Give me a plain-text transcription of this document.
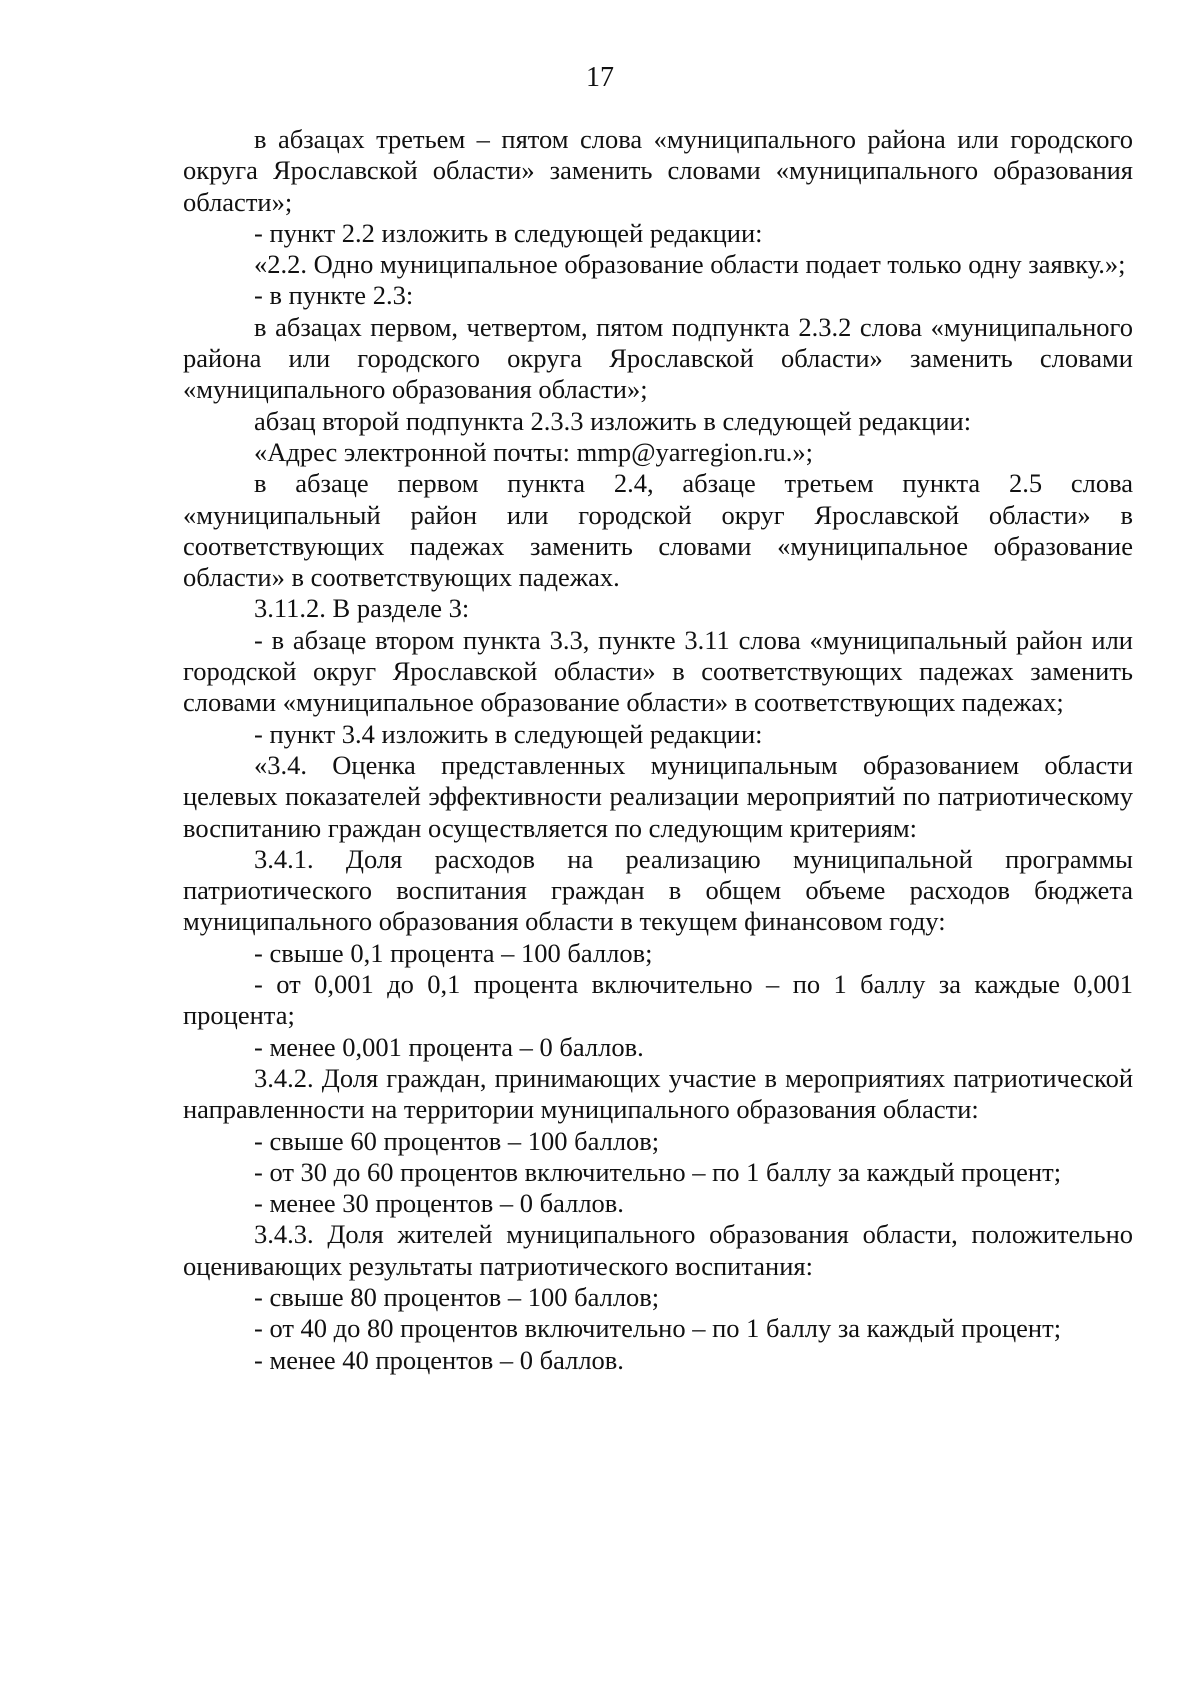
17

в абзацах третьем – пятом слова «муниципального района или городского округа Ярославской области» заменить словами «муниципального образования области»;

- пункт 2.2 изложить в следующей редакции:

«2.2. Одно муниципальное образование области подает только одну заявку.»;

- в пункте 2.3:

в абзацах первом, четвертом, пятом подпункта 2.3.2 слова «муниципального района или городского округа Ярославской области» заменить словами «муниципального образования области»;

абзац второй подпункта 2.3.3 изложить в следующей редакции:

«Адрес электронной почты: mmp@yarregion.ru.»;

в абзаце первом пункта 2.4, абзаце третьем пункта 2.5 слова «муниципальный район или городской округ Ярославской области» в соответствующих падежах заменить словами «муниципальное образование области» в соответствующих падежах.

3.11.2. В разделе 3:

- в абзаце втором пункта 3.3, пункте 3.11 слова «муниципальный район или городской округ Ярославской области» в соответствующих падежах заменить словами «муниципальное образование области» в соответствующих падежах;

- пункт 3.4 изложить в следующей редакции:

«3.4. Оценка представленных муниципальным образованием области целевых показателей эффективности реализации мероприятий по патриотическому воспитанию граждан осуществляется по следующим критериям:

3.4.1. Доля расходов на реализацию муниципальной программы патриотического воспитания граждан в общем объеме расходов бюджета муниципального образования области в текущем финансовом году:

- свыше 0,1 процента – 100 баллов;

- от 0,001 до 0,1 процента включительно – по 1 баллу за каждые 0,001 процента;

- менее 0,001 процента – 0 баллов.

3.4.2. Доля граждан, принимающих участие в мероприятиях патриотической направленности на территории муниципального образования области:

- свыше 60 процентов – 100 баллов;

- от 30 до 60 процентов включительно – по 1 баллу за каждый процент;

- менее 30 процентов – 0 баллов.

3.4.3. Доля жителей муниципального образования области, положительно оценивающих результаты патриотического воспитания:

- свыше 80 процентов – 100 баллов;

- от 40 до 80 процентов включительно – по 1 баллу за каждый процент;

- менее 40 процентов – 0 баллов.
